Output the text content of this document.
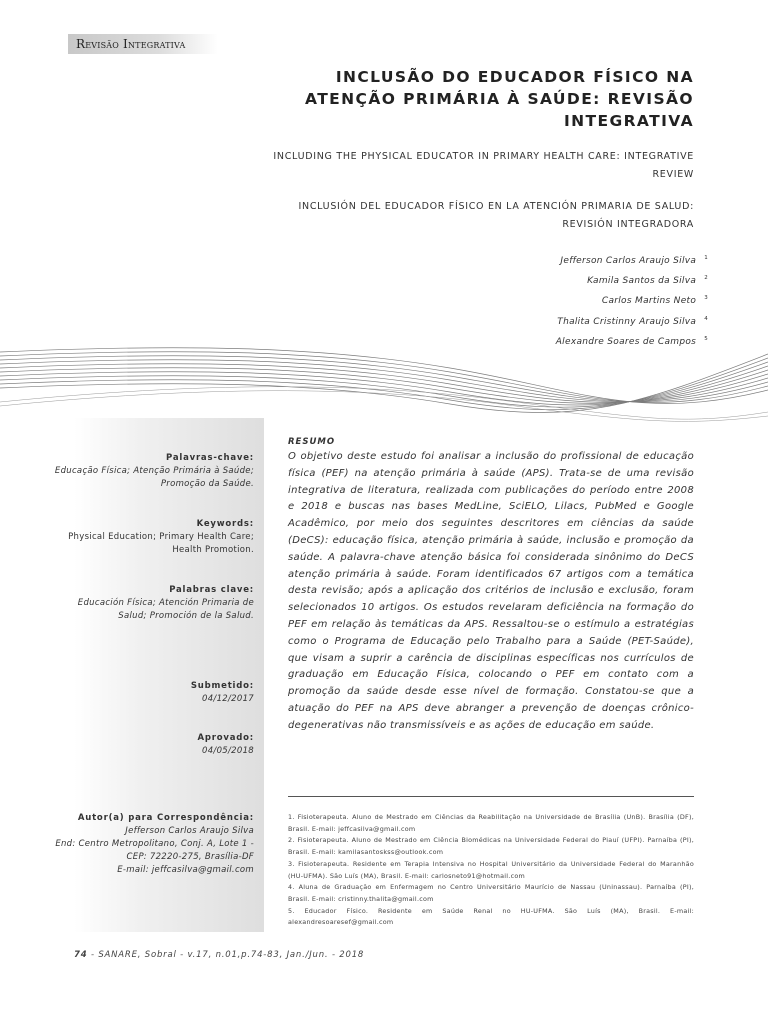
Revisão Integrativa
INCLUSÃO DO EDUCADOR FÍSICO NA ATENÇÃO PRIMÁRIA À SAÚDE: REVISÃO INTEGRATIVA
INCLUDING THE PHYSICAL EDUCATOR IN PRIMARY HEALTH CARE: INTEGRATIVE REVIEW
INCLUSIÓN DEL EDUCADOR FÍSICO EN LA ATENCIÓN PRIMARIA DE SALUD: REVISIÓN INTEGRADORA
Jefferson Carlos Araujo Silva $^1$
Kamila Santos da Silva $^2$
Carlos Martins Neto $^3$
Thalita Cristinny Araujo Silva $^4$
Alexandre Soares de Campos $^5$
Palavras-chave:
Educação Física; Atenção Primária à Saúde; Promoção da Saúde.
Keywords:
Physical Education; Primary Health Care; Health Promotion.
Palabras clave:
Educación Física; Atención Primaria de Salud; Promoción de la Salud.
Submetido:
04/12/2017
Aprovado:
04/05/2018
Autor(a) para Correspondência:
Jefferson Carlos Araujo Silva
End: Centro Metropolitano, Conj. A, Lote 1 - CEP: 72220-275, Brasília-DF
E-mail: jeffcasilva@gmail.com
RESUMO

O objetivo deste estudo foi analisar a inclusão do profissional de educação física (PEF) na atenção primária à saúde (APS). Trata-se de uma revisão integrativa de literatura, realizada com publicações do período entre 2008 e 2018 e buscas nas bases MedLine, SciELO, Lilacs, PubMed e Google Acadêmico, por meio dos seguintes descritores em ciências da saúde (DeCS): educação física, atenção primária à saúde, inclusão e promoção da saúde. A palavra-chave atenção básica foi considerada sinônimo do DeCS atenção primária à saúde. Foram identificados 67 artigos com a temática desta revisão; após a aplicação dos critérios de inclusão e exclusão, foram selecionados 10 artigos. Os estudos revelaram deficiência na formação do PEF em relação às temáticas da APS. Ressaltou-se o estímulo a estratégias como o Programa de Educação pelo Trabalho para a Saúde (PET-Saúde), que visam a suprir a carência de disciplinas específicas nos currículos de graduação em Educação Física, colocando o PEF em contato com a promoção da saúde desde esse nível de formação. Constatou-se que a atuação do PEF na APS deve abranger a prevenção de doenças crônico-degenerativas não transmissíveis e as ações de educação em saúde.

1. Fisioterapeuta. Aluno de Mestrado em Ciências da Reabilitação na Universidade de Brasília (UnB). Brasília (DF), Brasil. E-mail: jeffcasilva@gmail.com

2. Fisioterapeuta. Aluno de Mestrado em Ciência Biomédicas na Universidade Federal do Piauí (UFPI). Parnaíba (PI), Brasil. E-mail: kamilasantoskss@outlook.com

3. Fisioterapeuta. Residente em Terapia Intensiva no Hospital Universitário da Universidade Federal do Maranhão (HU-UFMA). São Luís (MA), Brasil. E-mail: carlosneto91@hotmail.com

4. Aluna de Graduação em Enfermagem no Centro Universitário Maurício de Nassau (Uninassau). Parnaíba (PI), Brasil. E-mail: cristinny.thalita@gmail.com

5. Educador Físico. Residente em Saúde Renal no HU-UFMA. São Luís (MA), Brasil. E-mail: alexandresoaresef@gmail.com

74 - SANARE, Sobral - v.17, n.01,p.74-83, Jan./Jun. - 2018
